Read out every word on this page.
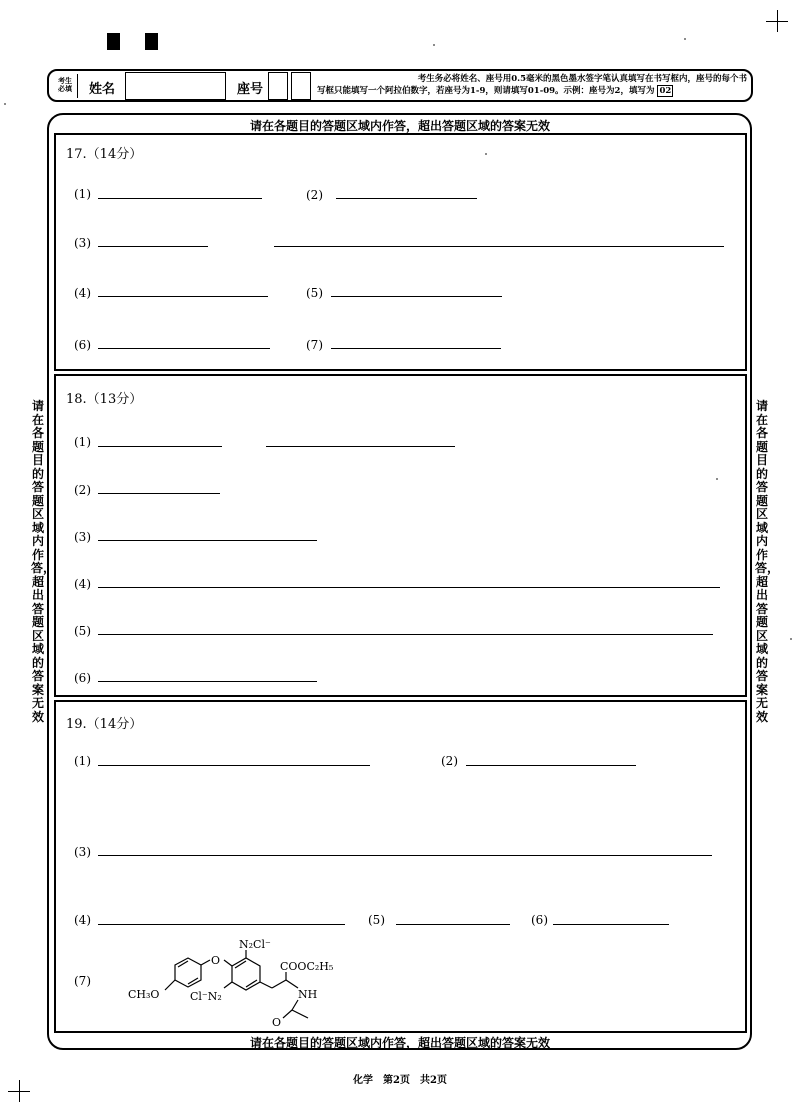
考生必填 姓名	座号
考生务必将姓名、座号用0.5毫米的黑色墨水签字笔认真填写在书写框内，座号的每个书
写框只能填写一个阿拉伯数字，若座号为1-9，则请填写01-09。示例：座号为2，填写为 02
请在各题目的答题区域内作答，超出答题区域的答案无效
请在各题目的答题区域内作答，超出答题区域的答案无效
请在各题目的答题区域内作答，超出答题区域的答案无效
请在各题目的答题区域内作答，超出答题区域的答案无效
17.（14分）
(1)	(2)
(3)
(4)	(5)
(6)	(7)
18.（13分）
(1)
(2)
(3)
(4)
(5)
(6)
19.（14分）
(1)	(2)
(3)
(4)	(5)	(6)
(7)
CH₃O
O
N₂Cl⁻
Cl⁻N₂
COOC₂H₅
NH
O
化学　第2页　共2页
